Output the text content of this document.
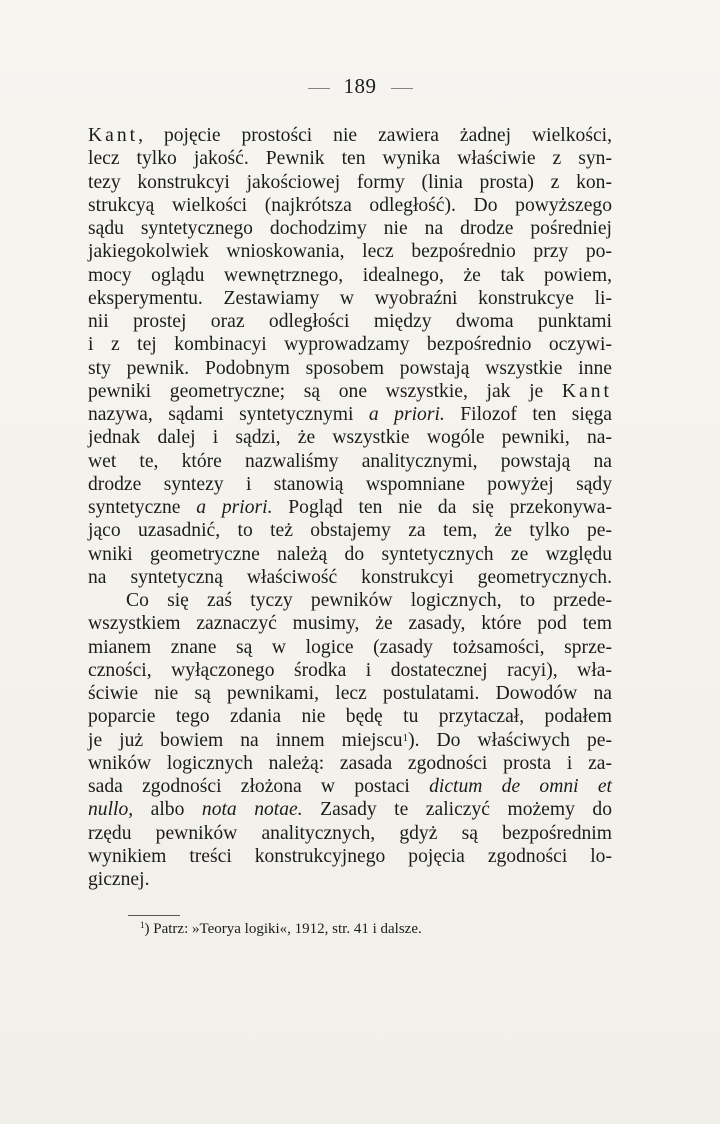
189
Kant, pojęcie prostości nie zawiera żadnej wielkości,
lecz tylko jakość. Pewnik ten wynika właściwie z syn-
tezy konstrukcyi jakościowej formy (linia prosta) z kon-
strukcyą wielkości (najkrótsza odległość). Do powyższego
sądu syntetycznego dochodzimy nie na drodze pośredniej
jakiegokolwiek wnioskowania, lecz bezpośrednio przy po-
mocy oglądu wewnętrznego, idealnego, że tak powiem,
eksperymentu. Zestawiamy w wyobraźni konstrukcye li-
nii prostej oraz odległości między dwoma punktami
i z tej kombinacyi wyprowadzamy bezpośrednio oczywi-
sty pewnik. Podobnym sposobem powstają wszystkie inne
pewniki geometryczne; są one wszystkie, jak je Kant
nazywa, sądami syntetycznymi a priori. Filozof ten sięga
jednak dalej i sądzi, że wszystkie wogóle pewniki, na-
wet te, które nazwaliśmy analitycznymi, powstają na
drodze syntezy i stanowią wspomniane powyżej sądy
syntetyczne a priori. Pogląd ten nie da się przekonywa-
jąco uzasadnić, to też obstajemy za tem, że tylko pe-
wniki geometryczne należą do syntetycznych ze względu
na syntetyczną właściwość konstrukcyi geometrycznych.
Co się zaś tyczy pewników logicznych, to przede-
wszystkiem zaznaczyć musimy, że zasady, które pod tem
mianem znane są w logice (zasady tożsamości, sprze-
czności, wyłączonego środka i dostatecznej racyi), wła-
ściwie nie są pewnikami, lecz postulatami. Dowodów na
poparcie tego zdania nie będę tu przytaczał, podałem
je już bowiem na innem miejscu$^1$). Do właściwych pe-
wników logicznych należą: zasada zgodności prosta i za-
sada zgodności złożona w postaci dictum de omni et
nullo, albo nota notae. Zasady te zaliczyć możemy do
rzędu pewników analitycznych, gdyż są bezpośrednim
wynikiem treści konstrukcyjnego pojęcia zgodności lo-
gicznej.
$^1$) Patrz: »Teorya logiki«, 1912, str. 41 i dalsze.
